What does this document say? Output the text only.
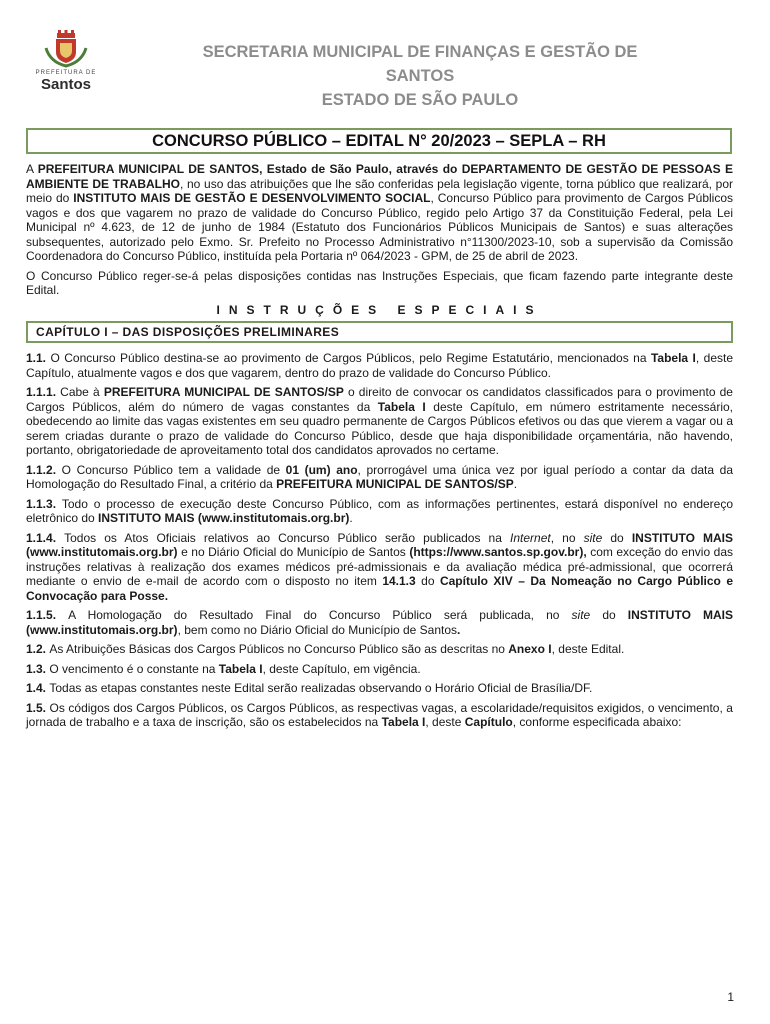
PREFEITURA DE
Santos
SECRETARIA MUNICIPAL DE FINANÇAS E GESTÃO DE
SANTOS
ESTADO DE SÃO PAULO
CONCURSO PÚBLICO – EDITAL N° 20/2023 – SEPLA – RH

A PREFEITURA MUNICIPAL DE SANTOS, Estado de São Paulo, através do DEPARTAMENTO DE GESTÃO DE PESSOAS E AMBIENTE DE TRABALHO, no uso das atribuições que lhe são conferidas pela legislação vigente, torna público que realizará, por meio do INSTITUTO MAIS DE GESTÃO E DESENVOLVIMENTO SOCIAL, Concurso Público para provimento de Cargos Públicos vagos e dos que vagarem no prazo de validade do Concurso Público, regido pelo Artigo 37 da Constituição Federal, pela Lei Municipal nº 4.623, de 12 de junho de 1984 (Estatuto dos Funcionários Públicos Municipais de Santos) e suas alterações subsequentes, autorizado pelo Exmo. Sr. Prefeito no Processo Administrativo n°11300/2023-10, sob a supervisão da Comissão Coordenadora do Concurso Público, instituída pela Portaria nº 064/2023 - GPM, de 25 de abril de 2023.

O Concurso Público reger-se-á pelas disposições contidas nas Instruções Especiais, que ficam fazendo parte integrante deste Edital.

INSTRUÇÕES ESPECIAIS
CAPÍTULO I – DAS DISPOSIÇÕES PRELIMINARES

1.1. O Concurso Público destina-se ao provimento de Cargos Públicos, pelo Regime Estatutário, mencionados na Tabela I, deste Capítulo, atualmente vagos e dos que vagarem, dentro do prazo de validade do Concurso Público.

1.1.1. Cabe à PREFEITURA MUNICIPAL DE SANTOS/SP o direito de convocar os candidatos classificados para o provimento de Cargos Públicos, além do número de vagas constantes da Tabela I deste Capítulo, em número estritamente necessário, obedecendo ao limite das vagas existentes em seu quadro permanente de Cargos Públicos efetivos ou das que vierem a vagar ou a serem criadas durante o prazo de validade do Concurso Público, desde que haja disponibilidade orçamentária, não havendo, portanto, obrigatoriedade de aproveitamento total dos candidatos aprovados no certame.

1.1.2. O Concurso Público tem a validade de 01 (um) ano, prorrogável uma única vez por igual período a contar da data da Homologação do Resultado Final, a critério da PREFEITURA MUNICIPAL DE SANTOS/SP.

1.1.3. Todo o processo de execução deste Concurso Público, com as informações pertinentes, estará disponível no endereço eletrônico do INSTITUTO MAIS (www.institutomais.org.br).

1.1.4. Todos os Atos Oficiais relativos ao Concurso Público serão publicados na Internet, no site do INSTITUTO MAIS (www.institutomais.org.br) e no Diário Oficial do Município de Santos (https://www.santos.sp.gov.br), com exceção do envio das instruções relativas à realização dos exames médicos pré-admissionais e da avaliação médica pré-admissional, que ocorrerá mediante o envio de e-mail de acordo com o disposto no item 14.1.3 do Capítulo XIV – Da Nomeação no Cargo Público e Convocação para Posse.

1.1.5. A Homologação do Resultado Final do Concurso Público será publicada, no site do INSTITUTO MAIS (www.institutomais.org.br), bem como no Diário Oficial do Município de Santos.

1.2. As Atribuições Básicas dos Cargos Públicos no Concurso Público são as descritas no Anexo I, deste Edital.

1.3. O vencimento é o constante na Tabela I, deste Capítulo, em vigência.

1.4. Todas as etapas constantes neste Edital serão realizadas observando o Horário Oficial de Brasília/DF.

1.5. Os códigos dos Cargos Públicos, os Cargos Públicos, as respectivas vagas, a escolaridade/requisitos exigidos, o vencimento, a jornada de trabalho e a taxa de inscrição, são os estabelecidos na Tabela I, deste Capítulo, conforme especificada abaixo:

1
